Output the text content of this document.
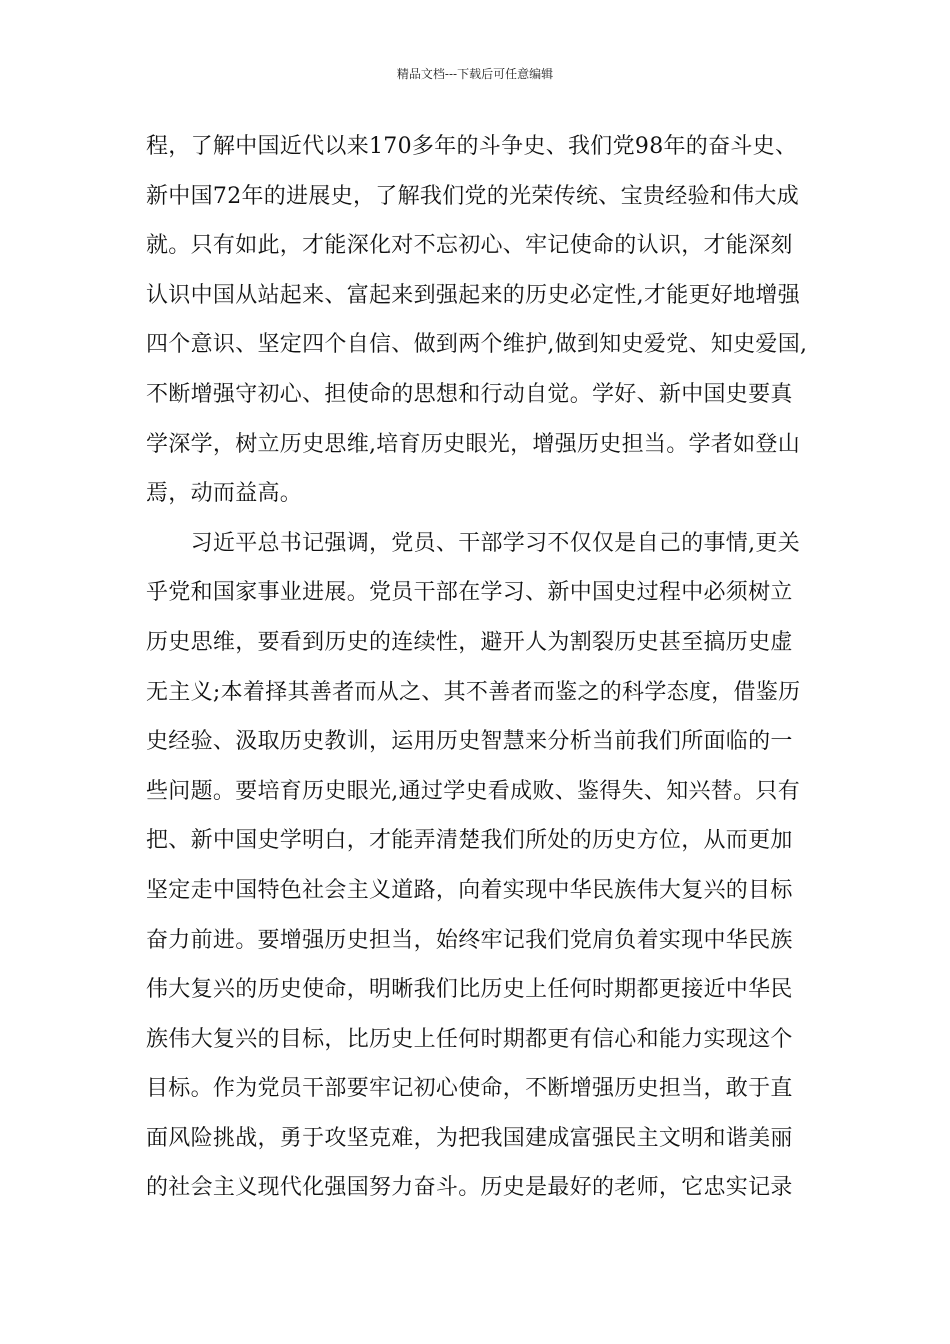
精品文档---下载后可任意编辑
程，了解中国近代以来170多年的斗争史、我们党98年的奋斗史、
新中国72年的进展史，了解我们党的光荣传统、宝贵经验和伟大成
就。只有如此，才能深化对不忘初心、牢记使命的认识，才能深刻
认识中国从站起来、富起来到强起来的历史必定性,才能更好地增强
四个意识、坚定四个自信、做到两个维护,做到知史爱党、知史爱国,
不断增强守初心、担使命的思想和行动自觉。学好、新中国史要真
学深学，树立历史思维,培育历史眼光，增强历史担当。学者如登山
焉，动而益高。
　　习近平总书记强调，党员、干部学习不仅仅是自己的事情,更关
乎党和国家事业进展。党员干部在学习、新中国史过程中必须树立
历史思维，要看到历史的连续性，避开人为割裂历史甚至搞历史虚
无主义;本着择其善者而从之、其不善者而鉴之的科学态度，借鉴历
史经验、汲取历史教训，运用历史智慧来分析当前我们所面临的一
些问题。要培育历史眼光,通过学史看成败、鉴得失、知兴替。只有
把、新中国史学明白，才能弄清楚我们所处的历史方位，从而更加
坚定走中国特色社会主义道路，向着实现中华民族伟大复兴的目标
奋力前进。要增强历史担当，始终牢记我们党肩负着实现中华民族
伟大复兴的历史使命，明晰我们比历史上任何时期都更接近中华民
族伟大复兴的目标，比历史上任何时期都更有信心和能力实现这个
目标。作为党员干部要牢记初心使命，不断增强历史担当，敢于直
面风险挑战，勇于攻坚克难，为把我国建成富强民主文明和谐美丽
的社会主义现代化强国努力奋斗。历史是最好的老师，它忠实记录
